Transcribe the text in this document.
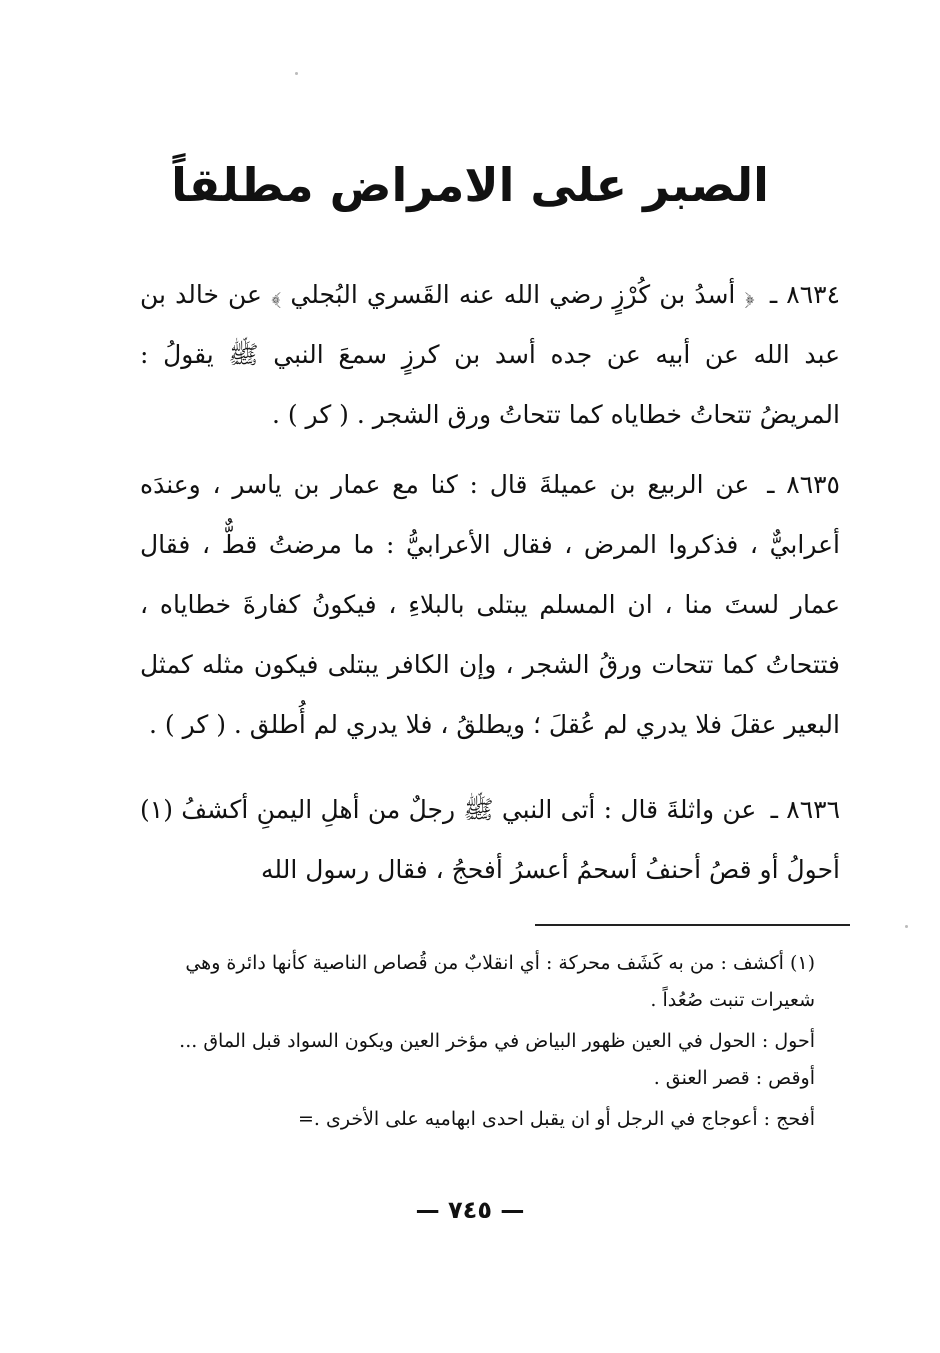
الصبر على الامراض مطلقاً
٨٦٣٤ ـ ﴿ أسدُ بن كُرْزٍ رضي الله عنه القَسري البُجلي ﴾ عن خالد بن عبد الله عن أبيه عن جده أسد بن كرزٍ سمعَ النبي ﷺ يقولُ : المريضُ تتحاتُ خطاياه كما تتحاتُ ورق الشجر . ( كر ) .
٨٦٣٥ ـ عن الربيع بن عميلةَ قال : كنا مع عمار بن ياسر ، وعندَه أعرابيٌّ ، فذكروا المرض ، فقال الأعرابيُّ : ما مرضتُ قطٌّ ، فقال عمار لستَ منا ، ان المسلم يبتلى بالبلاءِ ، فيكونُ كفارةَ خطاياه ، فتتحاتُ كما تتحات ورقُ الشجر ، وإن الكافر يبتلى فيكون مثله كمثل البعير عقلَ فلا يدري لم عُقلَ ؛ ويطلقُ ، فلا يدري لم أُطلق . ( كر ) .
٨٦٣٦ ـ عن واثلةَ قال : أتى النبي ﷺ رجلٌ من أهلِ اليمنِ أكشفُ (١) أحولُ أو قصُ أحنفُ أسحمُ أعسرُ أفحجُ ، فقال رسول الله

(١) أكشف : من به كَشَف محركة : أي انقلابٌ من قُصاص الناصية كأنها دائرة وهي شعيرات تنبت صُعُداً .

أحول : الحول في العين ظهور البياض في مؤخر العين ويكون السواد قبل الماق ... أوقص : قصر العنق .

أفحج : أعوجاج في الرجل أو ان يقبل احدى ابهاميه على الأخرى .=

— ٧٤٥ —
